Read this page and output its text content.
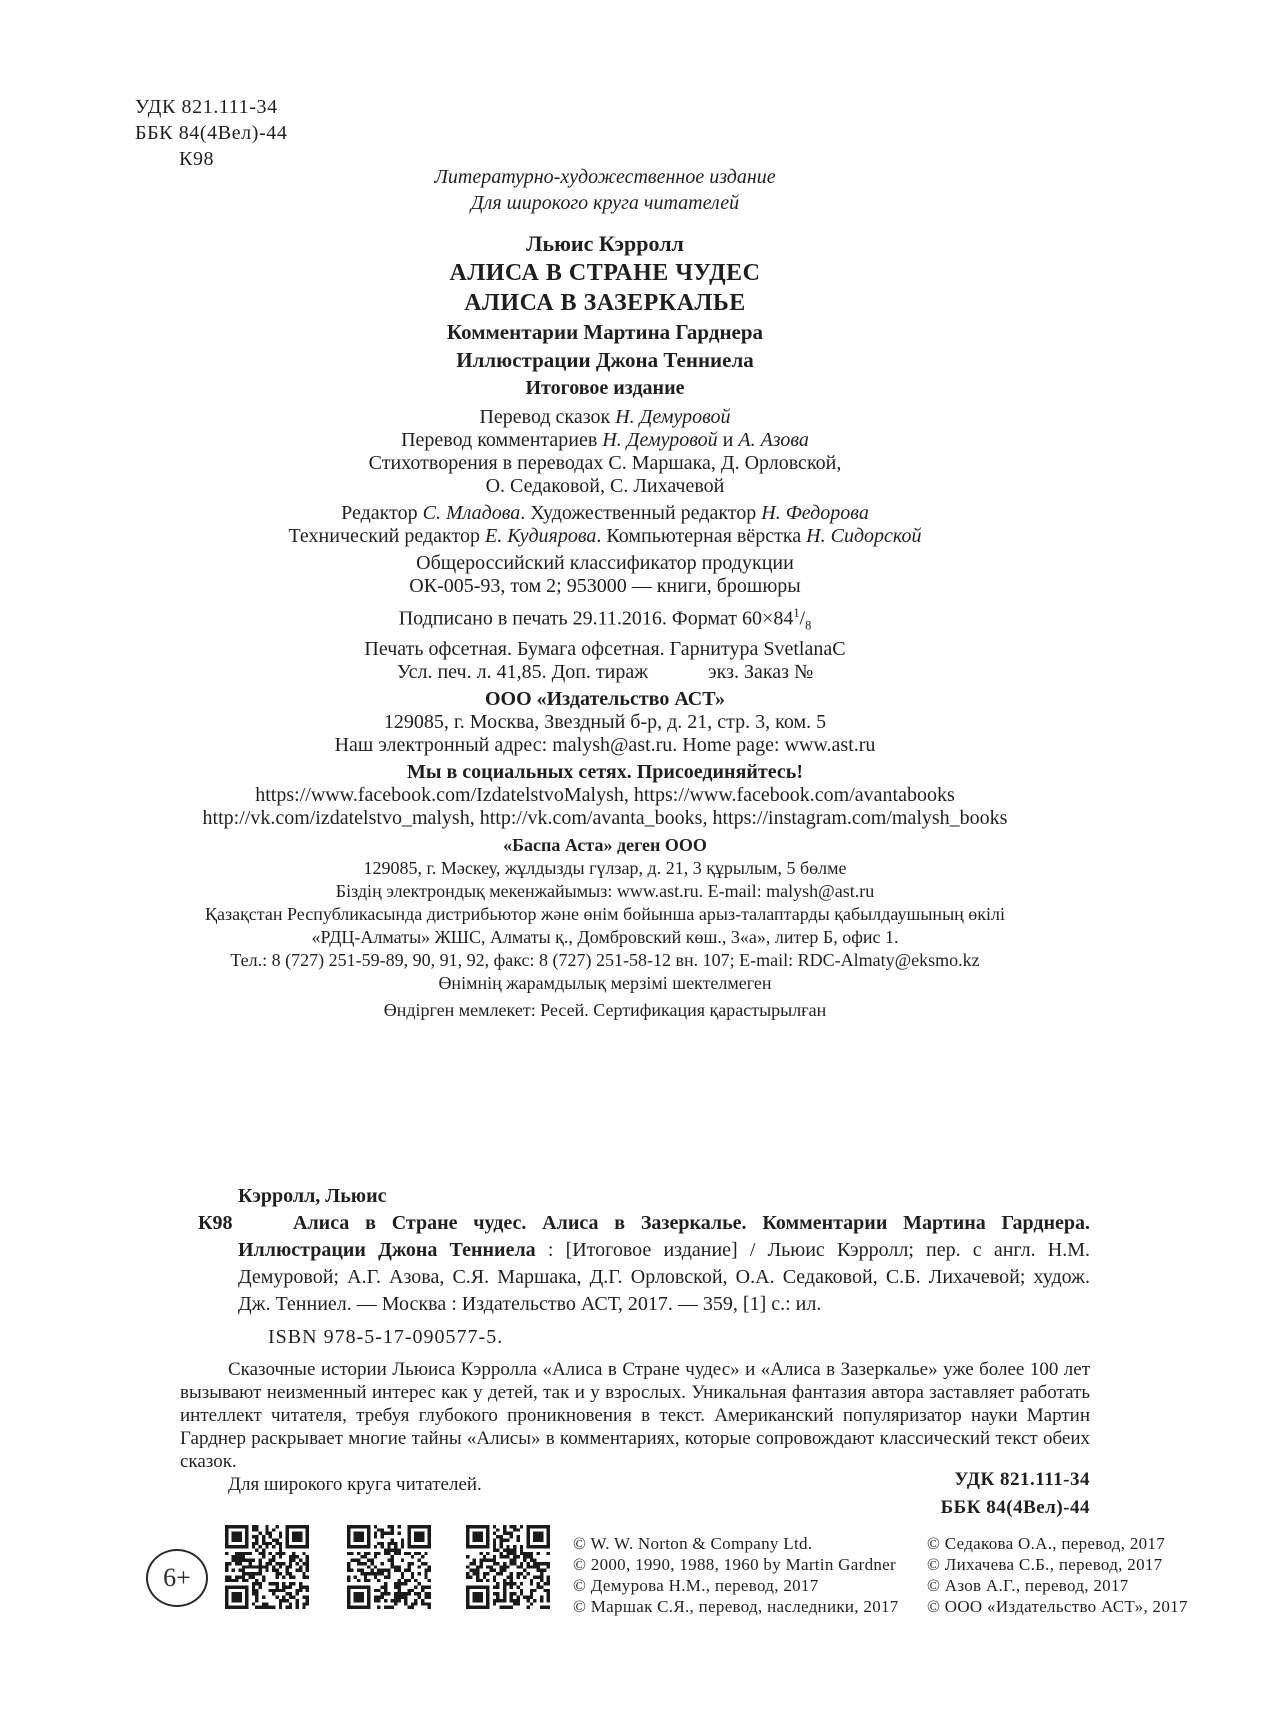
УДК 821.111-34
ББК 84(4Вел)-44
К98
Литературно-художественное издание
Для широкого круга читателей
Льюис Кэрролл
АЛИСА В СТРАНЕ ЧУДЕС
АЛИСА В ЗАЗЕРКАЛЬЕ
Комментарии Мартина Гарднера
Иллюстрации Джона Тенниела
Итоговое издание
Перевод сказок Н. Демуровой
Перевод комментариев Н. Демуровой и А. Азова
Стихотворения в переводах С. Маршака, Д. Орловской,
О. Седаковой, С. Лихачевой
Редактор С. Младова. Художественный редактор Н. Федорова
Технический редактор Е. Кудиярова. Компьютерная вёрстка Н. Сидорской
Общероссийский классификатор продукции
ОК-005-93, том 2; 953000 — книги, брошюры
Подписано в печать 29.11.2016. Формат $60\times 84^1/_8$
Печать офсетная. Бумага офсетная. Гарнитура SvetlanaC
Усл. печ. л. 41,85. Доп. тираж            экз. Заказ №
ООО «Издательство АСТ»
129085, г. Москва, Звездный б-р, д. 21, стр. 3, ком. 5
Наш электронный адрес: malysh@ast.ru. Home page: www.ast.ru
Мы в социальных сетях. Присоединяйтесь!
https://www.facebook.com/IzdatelstvoMalysh, https://www.facebook.com/avantabooks
http://vk.com/izdatelstvo_malysh, http://vk.com/avanta_books, https://instagram.com/malysh_books
«Баспа Аста» деген ООО
129085, г. Мәскеу, жұлдызды гүлзар, д. 21, 3 құрылым, 5 бөлме
Біздің электрондық мекенжайымыз: www.ast.ru. E-mail: malysh@ast.ru
Қазақстан Республикасында дистрибьютор және өнім бойынша арыз-талаптарды қабылдаушының өкілі
«РДЦ-Алматы» ЖШС, Алматы қ., Домбровский көш., 3«а», литер Б, офис 1.
Тел.: 8 (727) 251-59-89, 90, 91, 92, факс: 8 (727) 251-58-12 вн. 107; E-mail: RDC-Almaty@eksmo.kz
Өнімнің жарамдылық мерзімі шектелмеген
Өндірген мемлекет: Ресей. Сертификация қарастырылған
Кэрролл, Льюис
К98	Алиса в Стране чудес. Алиса в Зазеркалье. Комментарии Мартина Гарднера. Иллюстрации Джона Тенниела : [Итоговое издание] / Льюис Кэрролл; пер. с англ. Н.М. Демуровой; А.Г. Азова, С.Я. Маршака, Д.Г. Орловской, О.А. Седаковой, С.Б. Лихачевой; худож. Дж. Тенниел. — Москва : Издательство АСТ, 2017. — 359, [1] с.: ил.

ISBN 978-5-17-090577-5.

Сказочные истории Льюиса Кэрролла «Алиса в Стране чудес» и «Алиса в Зазеркалье» уже более 100 лет вызывают неизменный интерес как у детей, так и у взрослых. Уникальная фантазия автора заставляет работать интеллект читателя, требуя глубокого проникновения в текст. Американский популяризатор науки Мартин Гарднер раскрывает многие тайны «Алисы» в комментариях, которые сопровождают классический текст обеих сказок.

Для широкого круга читателей.	УДК 821.111-34
ББК 84(4Вел)-44
6+
© W. W. Norton & Company Ltd.
© 2000, 1990, 1988, 1960 by Martin Gardner
© Демурова Н.М., перевод, 2017
© Маршак С.Я., перевод, наследники, 2017
© Седакова О.А., перевод, 2017
© Лихачева С.Б., перевод, 2017
© Азов А.Г., перевод, 2017
© ООО «Издательство АСТ», 2017
